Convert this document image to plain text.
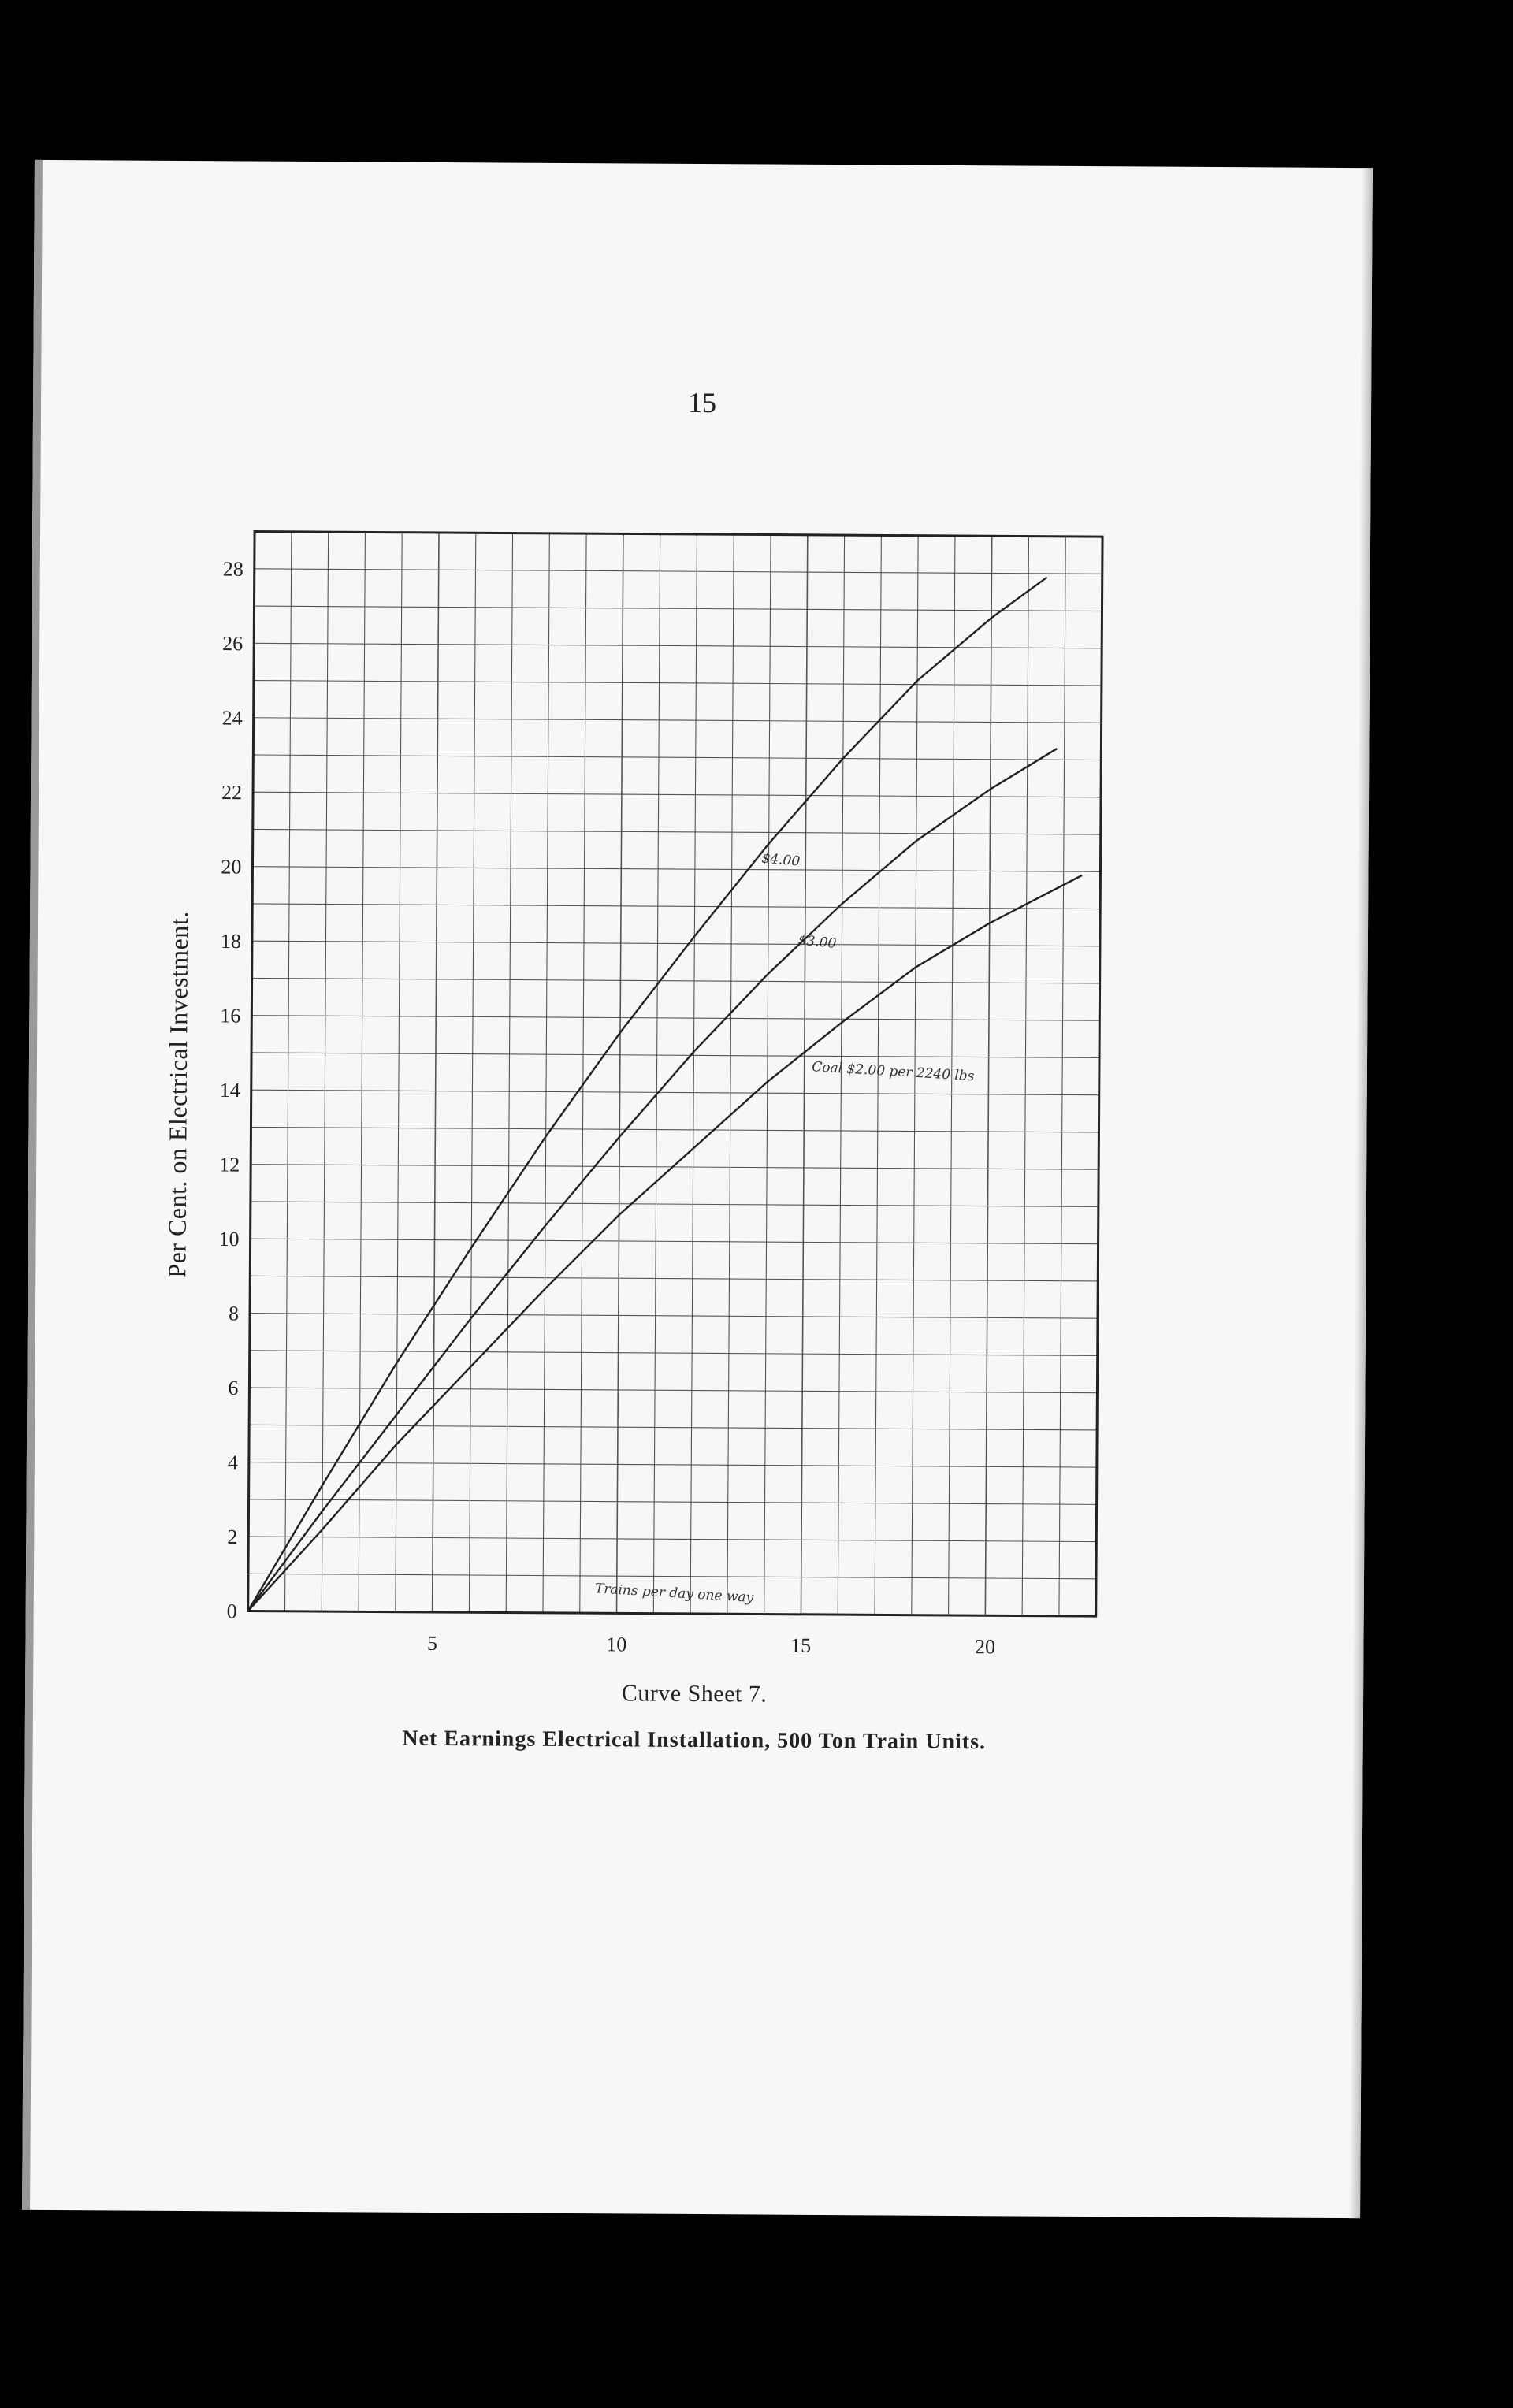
15
5	10	15	20
0
2
4
6
8
10
12
14
16
18
20
22
24
26
28
Per Cent. on Electrical Investment.
$4.00
$3.00
Coal $2.00 per 2240 lbs
Trains per day one way
Curve Sheet 7.
Net Earnings Electrical Installation, 500 Ton Train Units.
